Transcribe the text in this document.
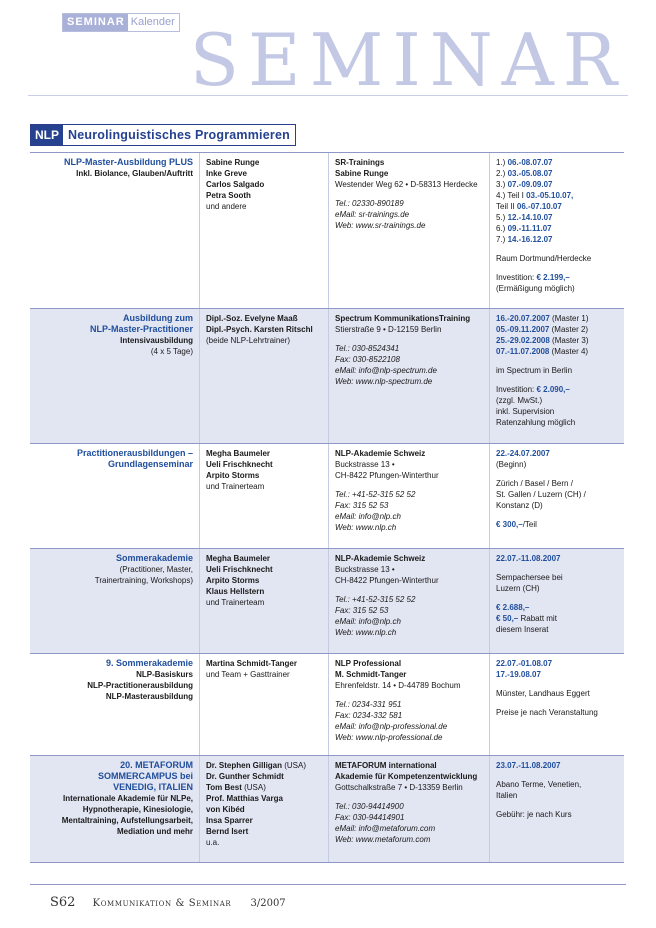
SEMINAR Kalender SEMINAR
NLP Neurolinguistisches Programmieren
NLP-Master-Ausbildung PLUS
Inkl. Biolance, Glauben/Auftritt
Sabine Runge
Inke Greve
Carlos Salgado
Petra Sooth
und andere
SR-Trainings
Sabine Runge
Westender Weg 62 • D-58313 Herdecke
Tel.: 02330-890189
eMail: sr-trainings.de
Web: www.sr-trainings.de
1.) 06.-08.07.07
2.) 03.-05.08.07
3.) 07.-09.09.07
4.) Teil I 03.-05.10.07,
Teil II 06.-07.10.07
5.) 12.-14.10.07
6.) 09.-11.11.07
7.) 14.-16.12.07
Raum Dortmund/Herdecke
Investition: € 2.199,–
(Ermäßigung möglich)
Ausbildung zum
NLP-Master-Practitioner
Intensivausbildung
(4 x 5 Tage)
Dipl.-Soz. Evelyne Maaß
Dipl.-Psych. Karsten Ritschl
(beide NLP-Lehrtrainer)
Spectrum KommunikationsTraining
Stierstraße 9 • D-12159 Berlin
Tel.: 030-8524341
Fax: 030-8522108
eMail: info@nlp-spectrum.de
Web: www.nlp-spectrum.de
16.-20.07.2007 (Master 1)
05.-09.11.2007 (Master 2)
25.-29.02.2008 (Master 3)
07.-11.07.2008 (Master 4)
im Spectrum in Berlin
Investition: € 2.090,–
(zzgl. MwSt.)
inkl. Supervision
Ratenzahlung möglich
Practitionerausbildungen –
Grundlagenseminar
Megha Baumeler
Ueli Frischknecht
Arpito Storms
und Trainerteam
NLP-Akademie Schweiz
Buckstrasse 13 •
CH-8422 Pfungen-Winterthur
Tel.: +41-52-315 52 52
Fax: 315 52 53
eMail: info@nlp.ch
Web: www.nlp.ch
22.-24.07.2007
(Beginn)
Zürich / Basel / Bern /
St. Gallen / Luzern (CH) /
Konstanz (D)
€ 300,–/Teil
Sommerakademie
(Practitioner, Master,
Trainertraining, Workshops)
Megha Baumeler
Ueli Frischknecht
Arpito Storms
Klaus Hellstern
und Trainerteam
NLP-Akademie Schweiz
Buckstrasse 13 •
CH-8422 Pfungen-Winterthur
Tel.: +41-52-315 52 52
Fax: 315 52 53
eMail: info@nlp.ch
Web: www.nlp.ch
22.07.-11.08.2007
Sempachersee bei
Luzern (CH)
€ 2.688,–
€ 50,– Rabatt mit
diesem Inserat
9. Sommerakademie
NLP-Basiskurs
NLP-Practitionerausbildung
NLP-Masterausbildung
Martina Schmidt-Tanger
und Team + Gasttrainer
NLP Professional
M. Schmidt-Tanger
Ehrenfeldstr. 14 • D-44789 Bochum
Tel.: 0234-331 951
Fax: 0234-332 581
eMail: info@nlp-professional.de
Web: www.nlp-professional.de
22.07.-01.08.07
17.-19.08.07
Münster, Landhaus Eggert
Preise je nach Veranstaltung
20. METAFORUM
SOMMERCAMPUS bei
VENEDIG, ITALIEN
Internationale Akademie für NLPe,
Hypnotherapie, Kinesiologie,
Mentaltraining, Aufstellungsarbeit,
Mediation und mehr
Dr. Stephen Gilligan (USA)
Dr. Gunther Schmidt
Tom Best (USA)
Prof. Matthias Varga
von Kibéd
Insa Sparrer
Bernd Isert
u.a.
METAFORUM international
Akademie für Kompetenzentwicklung
Gottschalkstraße 7 • D-13359 Berlin
Tel.: 030-94414900
Fax: 030-94414901
eMail: info@metaforum.com
Web: www.metaforum.com
23.07.-11.08.2007
Abano Terme, Venetien,
Italien
Gebühr: je nach Kurs
S62 Kommunikation & Seminar 3/2007
